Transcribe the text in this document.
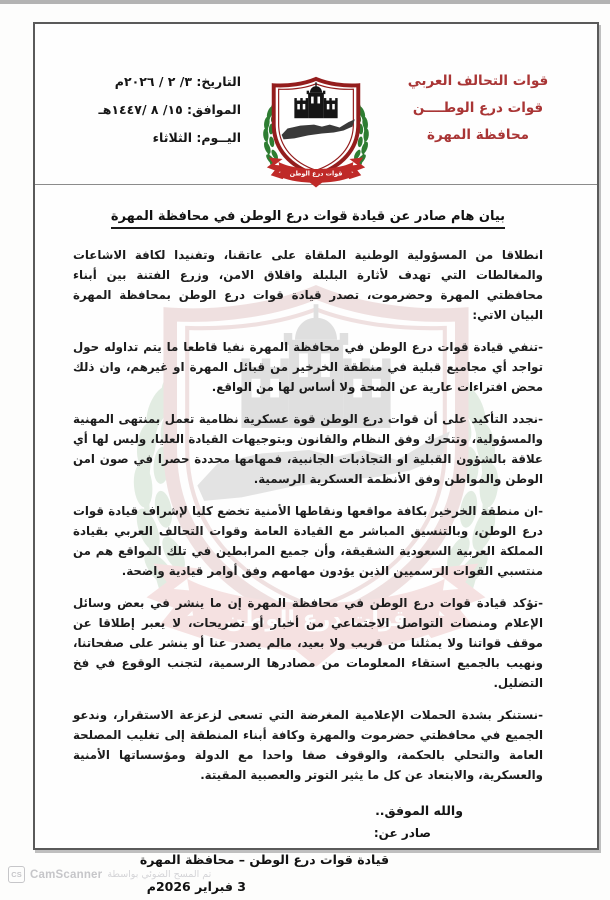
قوات التحالف العربي
قوات درع الوطــــن
محافظة المهرة
التاريخ: ٣/ ٢ / ٢٠٢٦م
الموافق: ١٥/ ٨ /١٤٤٧هـ
اليــوم: الثلاثاء
بيان هام صادر عن قيادة قوات درع الوطن في محافظة المهرة

انطلاقا من المسؤولية الوطنية الملقاة على عاتقنا، وتفنيدا لكافة الاشاعات والمغالطات التي تهدف لأثارة البلبلة واقلاق الامن، وزرع الفتنة بين أبناء محافظتي المهرة وحضرموت، تصدر قيادة قوات درع الوطن بمحافظة المهرة البيان الاتي:

-تنفي قيادة قوات درع الوطن في محافظة المهرة نفيا قاطعا ما يتم تداوله حول تواجد أي مجاميع قبلية في منطقة الخرخير من قبائل المهرة او غيرهم، وان ذلك محض افتراءات عارية عن الصحة ولا أساس لها من الواقع.

-نجدد التأكيد على أن قوات درع الوطن قوة عسكرية نظامية تعمل بمنتهى المهنية والمسؤولية، وتتحرك وفق النظام والقانون وبتوجيهات القيادة العليا، وليس لها أي علاقة بالشؤون القبلية او التجاذبات الجانبية، فمهامها محددة حصرا في صون امن الوطن والمواطن وفق الأنظمة العسكرية الرسمية.

-ان منطقة الخرخير بكافة مواقعها ونقاطها الأمنية تخضع كليا لإشراف قيادة قوات درع الوطن، وبالتنسيق المباشر مع القيادة العامة وقوات التحالف العربي بقيادة المملكة العربية السعودية الشقيقة، وأن جميع المرابطين في تلك المواقع هم من منتسبي القوات الرسميين الذين يؤدون مهامهم وفق أوامر قيادية واضحة.

-تؤكد قيادة قوات درع الوطن في محافظة المهرة إن ما ينشر في بعض وسائل الإعلام ومنصات التواصل الاجتماعي من أخبار أو تصريحات، لا يعبر إطلاقا عن موقف قواتنا ولا يمثلنا من قريب ولا بعيد، مالم يصدر عنا أو ينشر على صفحاتنا، ونهيب بالجميع استقاء المعلومات من مصادرها الرسمية، لتجنب الوقوع في فخ التضليل.

-نستنكر بشدة الحملات الإعلامية المغرضة التي تسعى لزعزعة الاستقرار، وندعو الجميع في محافظتي حضرموت والمهرة وكافة أبناء المنطقة إلى تغليب المصلحة العامة والتحلي بالحكمة، والوقوف صفا واحدا مع الدولة ومؤسساتها الأمنية والعسكرية، والابتعاد عن كل ما يثير التوتر والعصبية المقيتة.

والله الموفق..
صادر عن:
قيادة قوات درع الوطن – محافظة المهرة
3 فبراير 2026م
CS CamScanner تم المسح الضوئي بواسطة
